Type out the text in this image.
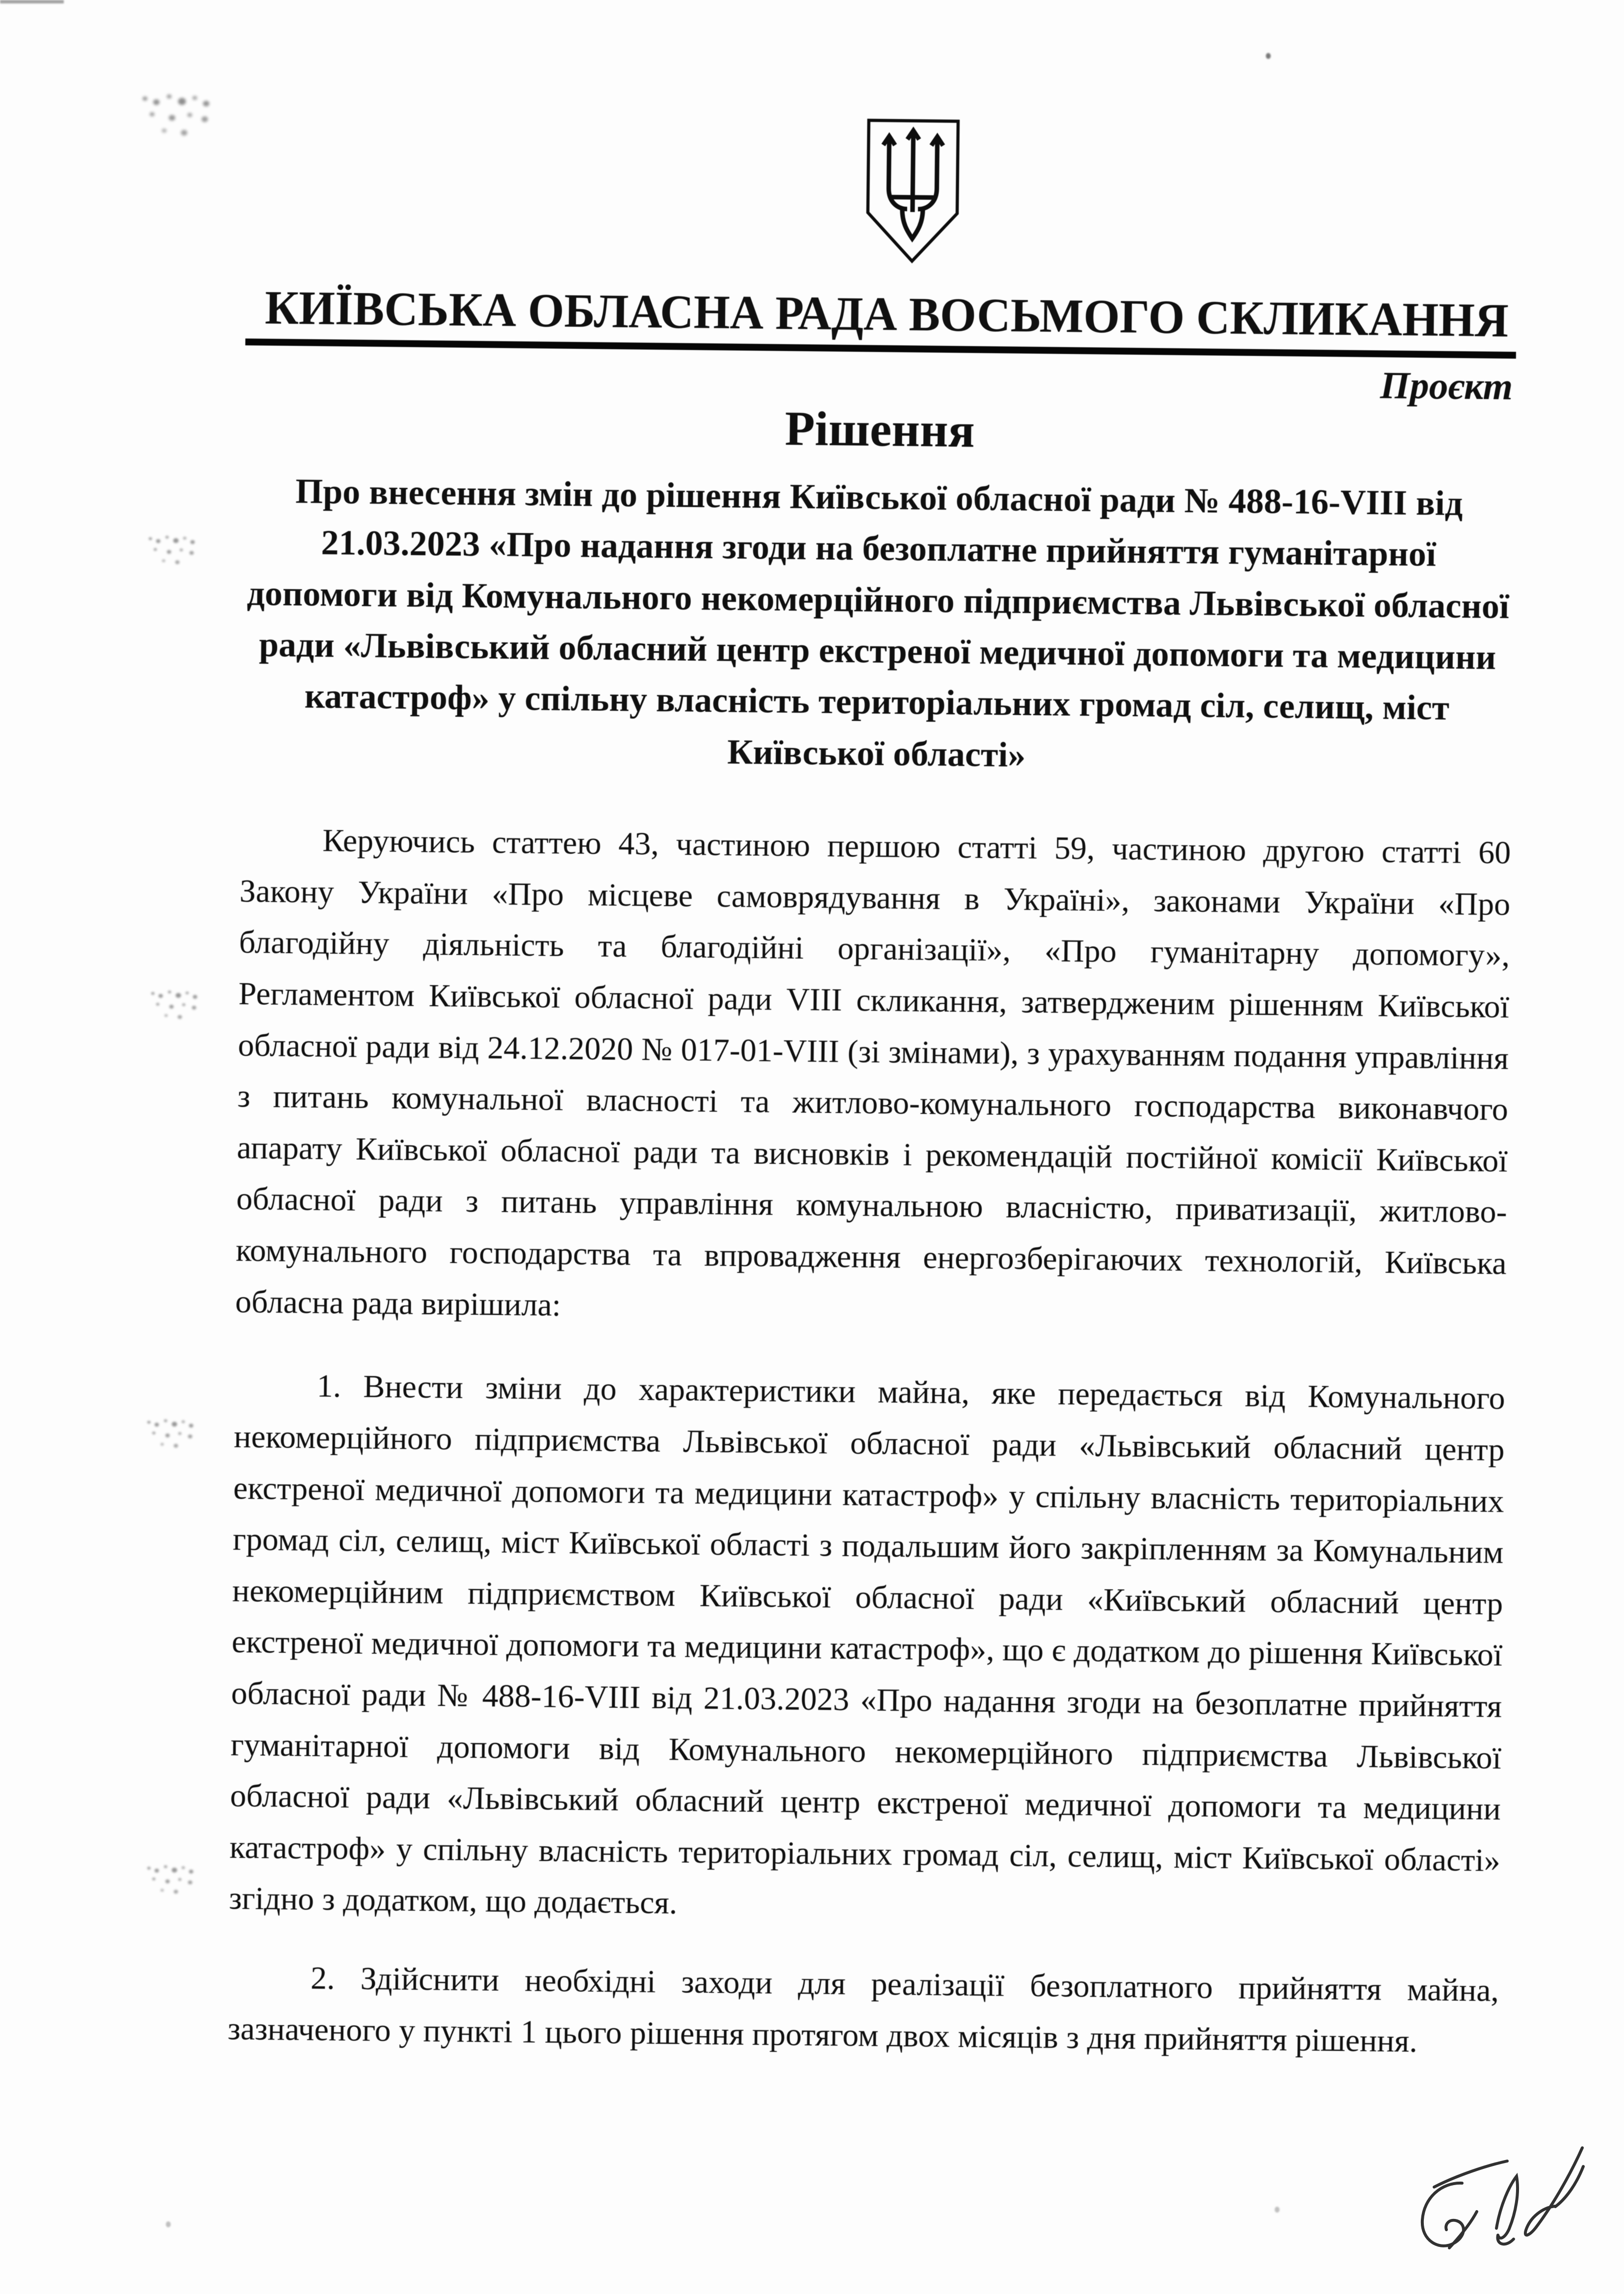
КИЇВСЬКА ОБЛАСНА РАДА ВОСЬМОГО СКЛИКАННЯ
Проєкт
Рішення
Про внесення змін до рішення Київської обласної ради № 488-16-VIII від 21.03.2023 «Про надання згоди на безоплатне прийняття гуманітарної допомоги від Комунального некомерційного підприємства Львівської обласної ради «Львівський обласний центр екстреної медичної допомоги та медицини катастроф» у спільну власність територіальних громад сіл, селищ, міст Київської області»

Керуючись статтею 43, частиною першою статті 59, частиною другою статті 60 Закону України «Про місцеве самоврядування в Україні», законами України «Про благодійну діяльність та благодійні організації», «Про гуманітарну допомогу», Регламентом Київської обласної ради VIII скликання, затвердженим рішенням Київської обласної ради від 24.12.2020 № 017-01-VIII (зі змінами), з урахуванням подання управління з питань комунальної власності та житлово-комунального господарства виконавчого апарату Київської обласної ради та висновків і рекомендацій постійної комісії Київської обласної ради з питань управління комунальною власністю, приватизації, житлово-комунального господарства та впровадження енергозберігаючих технологій, Київська обласна рада вирішила:

1. Внести зміни до характеристики майна, яке передається від Комунального некомерційного підприємства Львівської обласної ради «Львівський обласний центр екстреної медичної допомоги та медицини катастроф» у спільну власність територіальних громад сіл, селищ, міст Київської області з подальшим його закріпленням за Комунальним некомерційним підприємством Київської обласної ради «Київський обласний центр екстреної медичної допомоги та медицини катастроф», що є додатком до рішення Київської обласної ради № 488-16-VIII від 21.03.2023 «Про надання згоди на безоплатне прийняття гуманітарної допомоги від Комунального некомерційного підприємства Львівської обласної ради «Львівський обласний центр екстреної медичної допомоги та медицини катастроф» у спільну власність територіальних громад сіл, селищ, міст Київської області» згідно з додатком, що додається.

2. Здійснити необхідні заходи для реалізації безоплатного прийняття майна, зазначеного у пункті 1 цього рішення протягом двох місяців з дня прийняття рішення.
